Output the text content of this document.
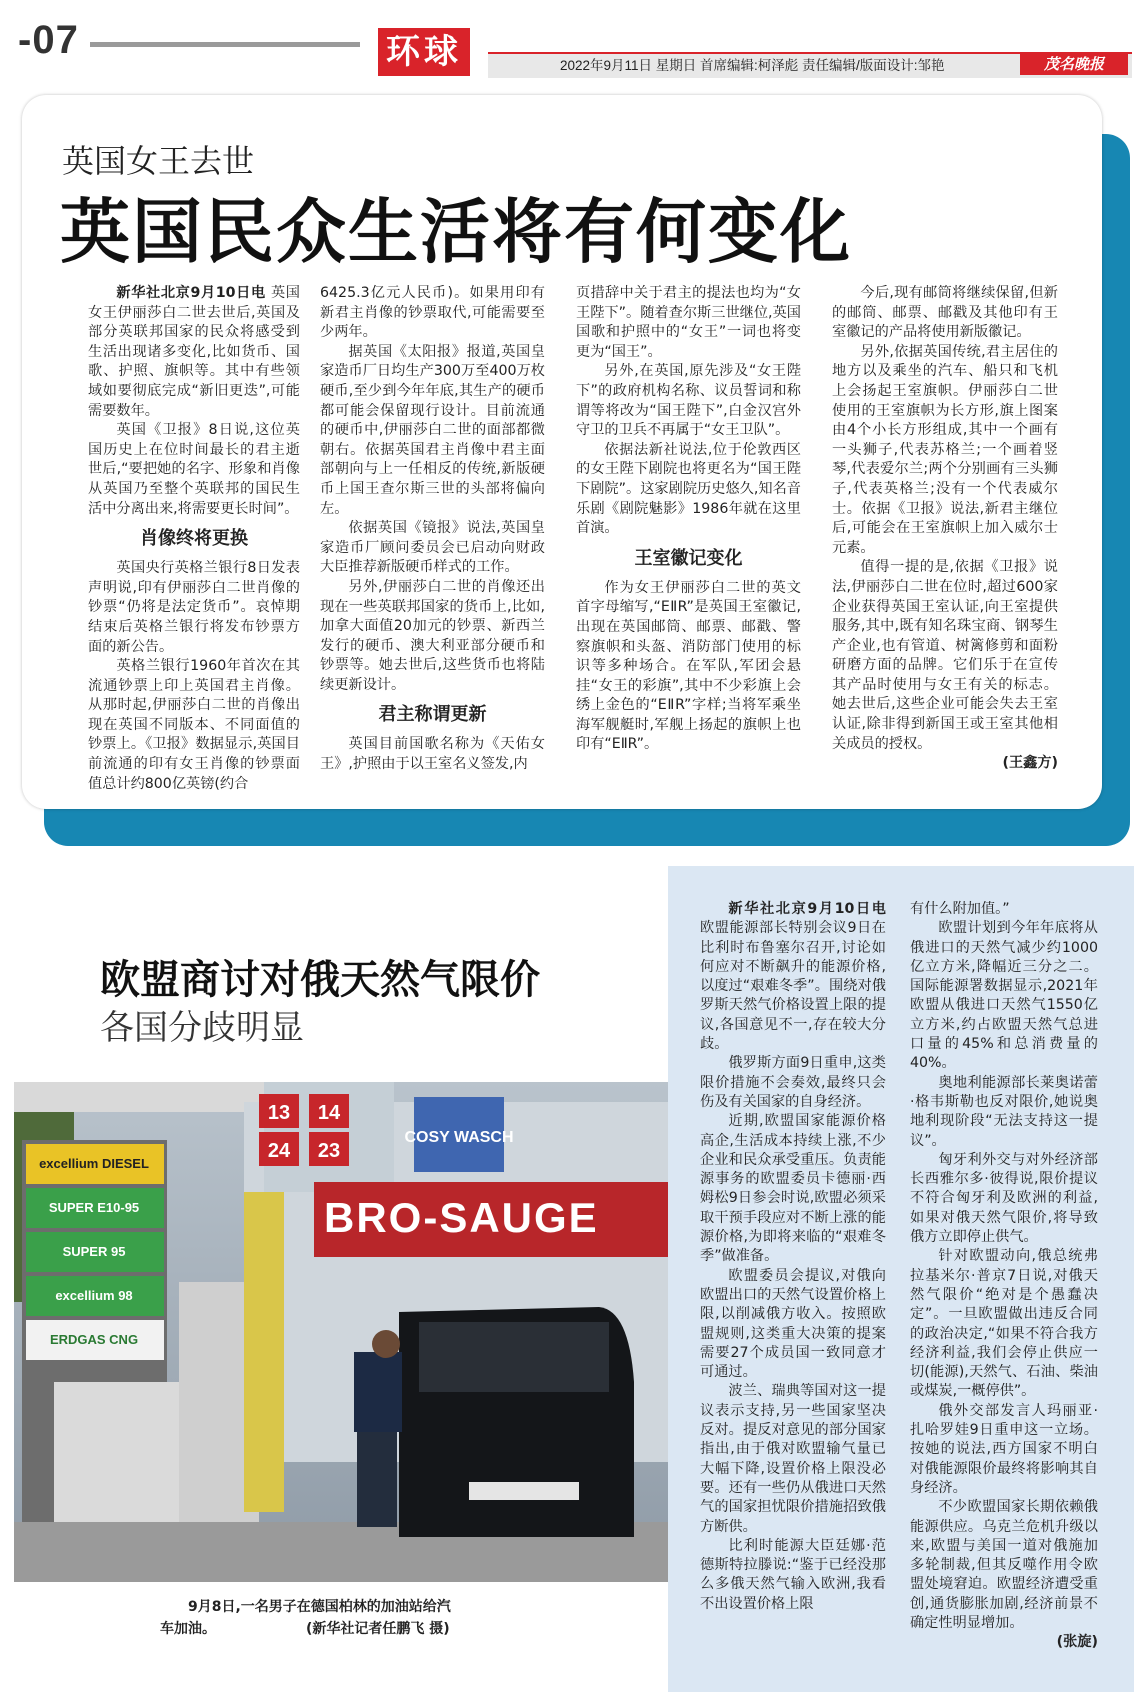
-07	环球	2022年9月11日 星期日 首席编辑:柯泽彪 责任编辑/版面设计:邹艳	茂名晚报
英国女王去世
英国民众生活将有何变化

新华社北京9月10日电 英国女王伊丽莎白二世去世后,英国及部分英联邦国家的民众将感受到生活出现诸多变化,比如货币、国歌、护照、旗帜等。其中有些领域如要彻底完成“新旧更迭”,可能需要数年。

英国《卫报》8日说,这位英国历史上在位时间最长的君主逝世后,“要把她的名字、形象和肖像从英国乃至整个英联邦的国民生活中分离出来,将需要更长时间”。

肖像终将更换

英国央行英格兰银行8日发表声明说,印有伊丽莎白二世肖像的钞票“仍将是法定货币”。哀悼期结束后英格兰银行将发布钞票方面的新公告。

英格兰银行1960年首次在其流通钞票上印上英国君主肖像。从那时起,伊丽莎白二世的肖像出现在英国不同版本、不同面值的钞票上。《卫报》数据显示,英国目前流通的印有女王肖像的钞票面值总计约800亿英镑(约合

6425.3亿元人民币)。如果用印有新君主肖像的钞票取代,可能需要至少两年。

据英国《太阳报》报道,英国皇家造币厂日均生产300万至400万枚硬币,至少到今年年底,其生产的硬币都可能会保留现行设计。目前流通的硬币中,伊丽莎白二世的面部都微朝右。依据英国君主肖像中君主面部朝向与上一任相反的传统,新版硬币上国王查尔斯三世的头部将偏向左。

依据英国《镜报》说法,英国皇家造币厂顾问委员会已启动向财政大臣推荐新版硬币样式的工作。

另外,伊丽莎白二世的肖像还出现在一些英联邦国家的货币上,比如,加拿大面值20加元的钞票、新西兰发行的硬币、澳大利亚部分硬币和钞票等。她去世后,这些货币也将陆续更新设计。

君主称谓更新

英国目前国歌名称为《天佑女王》,护照由于以王室名义签发,内

页措辞中关于君主的提法也均为“女王陛下”。随着查尔斯三世继位,英国国歌和护照中的“女王”一词也将变更为“国王”。

另外,在英国,原先涉及“女王陛下”的政府机构名称、议员誓词和称谓等将改为“国王陛下”,白金汉宫外守卫的卫兵不再属于“女王卫队”。

依据法新社说法,位于伦敦西区的女王陛下剧院也将更名为“国王陛下剧院”。这家剧院历史悠久,知名音乐剧《剧院魅影》1986年就在这里首演。

王室徽记变化

作为女王伊丽莎白二世的英文首字母缩写,“EⅡR”是英国王室徽记,出现在英国邮筒、邮票、邮戳、警察旗帜和头盔、消防部门使用的标识等多种场合。在军队,军团会悬挂“女王的彩旗”,其中不少彩旗上会绣上金色的“EⅡR”字样;当将军乘坐海军舰艇时,军舰上扬起的旗帜上也印有“EⅡR”。

今后,现有邮筒将继续保留,但新的邮筒、邮票、邮戳及其他印有王室徽记的产品将使用新版徽记。

另外,依据英国传统,君主居住的地方以及乘坐的汽车、船只和飞机上会扬起王室旗帜。伊丽莎白二世使用的王室旗帜为长方形,旗上图案由4个小长方形组成,其中一个画有一头狮子,代表苏格兰;一个画着竖琴,代表爱尔兰;两个分别画有三头狮子,代表英格兰;没有一个代表威尔士。依据《卫报》说法,新君主继位后,可能会在王室旗帜上加入威尔士元素。

值得一提的是,依据《卫报》说法,伊丽莎白二世在位时,超过600家企业获得英国王室认证,向王室提供服务,其中,既有知名珠宝商、钢琴生产企业,也有管道、树篱修剪和面粉研磨方面的品牌。它们乐于在宣传其产品时使用与女王有关的标志。她去世后,这些企业可能会失去王室认证,除非得到新国王或王室其他相关成员的授权。

(王鑫方)

欧盟商讨对俄天然气限价
各国分歧明显
13 14
24 23
COSY WASCH
BRO-SAUGE
excellium DIESEL
SUPER E10-95
SUPER 95
excellium 98
ERDGAS CNG
9月8日,一名男子在德国柏林的加油站给汽
车加油。	(新华社记者任鹏飞 摄)

新华社北京9月10日电 欧盟能源部长特别会议9日在比利时布鲁塞尔召开,讨论如何应对不断飙升的能源价格,以度过“艰难冬季”。围绕对俄罗斯天然气价格设置上限的提议,各国意见不一,存在较大分歧。

俄罗斯方面9日重申,这类限价措施不会奏效,最终只会伤及有关国家的自身经济。

近期,欧盟国家能源价格高企,生活成本持续上涨,不少企业和民众承受重压。负责能源事务的欧盟委员卡德丽·西姆松9日参会时说,欧盟必须采取干预手段应对不断上涨的能源价格,为即将来临的“艰难冬季”做准备。

欧盟委员会提议,对俄向欧盟出口的天然气设置价格上限,以削减俄方收入。按照欧盟规则,这类重大决策的提案需要27个成员国一致同意才可通过。

波兰、瑞典等国对这一提议表示支持,另一些国家坚决反对。提反对意见的部分国家指出,由于俄对欧盟输气量已大幅下降,设置价格上限没必要。还有一些仍从俄进口天然气的国家担忧限价措施招致俄方断供。

比利时能源大臣廷娜·范德斯特拉滕说:“鉴于已经没那么多俄天然气输入欧洲,我看不出设置价格上限

有什么附加值。”

欧盟计划到今年年底将从俄进口的天然气减少约1000亿立方米,降幅近三分之二。国际能源署数据显示,2021年欧盟从俄进口天然气1550亿立方米,约占欧盟天然气总进口量的45%和总消费量的40%。

奥地利能源部长莱奥诺蕾·格韦斯勒也反对限价,她说奥地利现阶段“无法支持这一提议”。

匈牙利外交与对外经济部长西雅尔多·彼得说,限价提议不符合匈牙利及欧洲的利益,如果对俄天然气限价,将导致俄方立即停止供气。

针对欧盟动向,俄总统弗拉基米尔·普京7日说,对俄天然气限价“绝对是个愚蠢决定”。一旦欧盟做出违反合同的政治决定,“如果不符合我方经济利益,我们会停止供应一切(能源),天然气、石油、柴油或煤炭,一概停供”。

俄外交部发言人玛丽亚·扎哈罗娃9日重申这一立场。按她的说法,西方国家不明白对俄能源限价最终将影响其自身经济。

不少欧盟国家长期依赖俄能源供应。乌克兰危机升级以来,欧盟与美国一道对俄施加多轮制裁,但其反噬作用令欧盟处境窘迫。欧盟经济遭受重创,通货膨胀加剧,经济前景不确定性明显增加。

(张旋)
